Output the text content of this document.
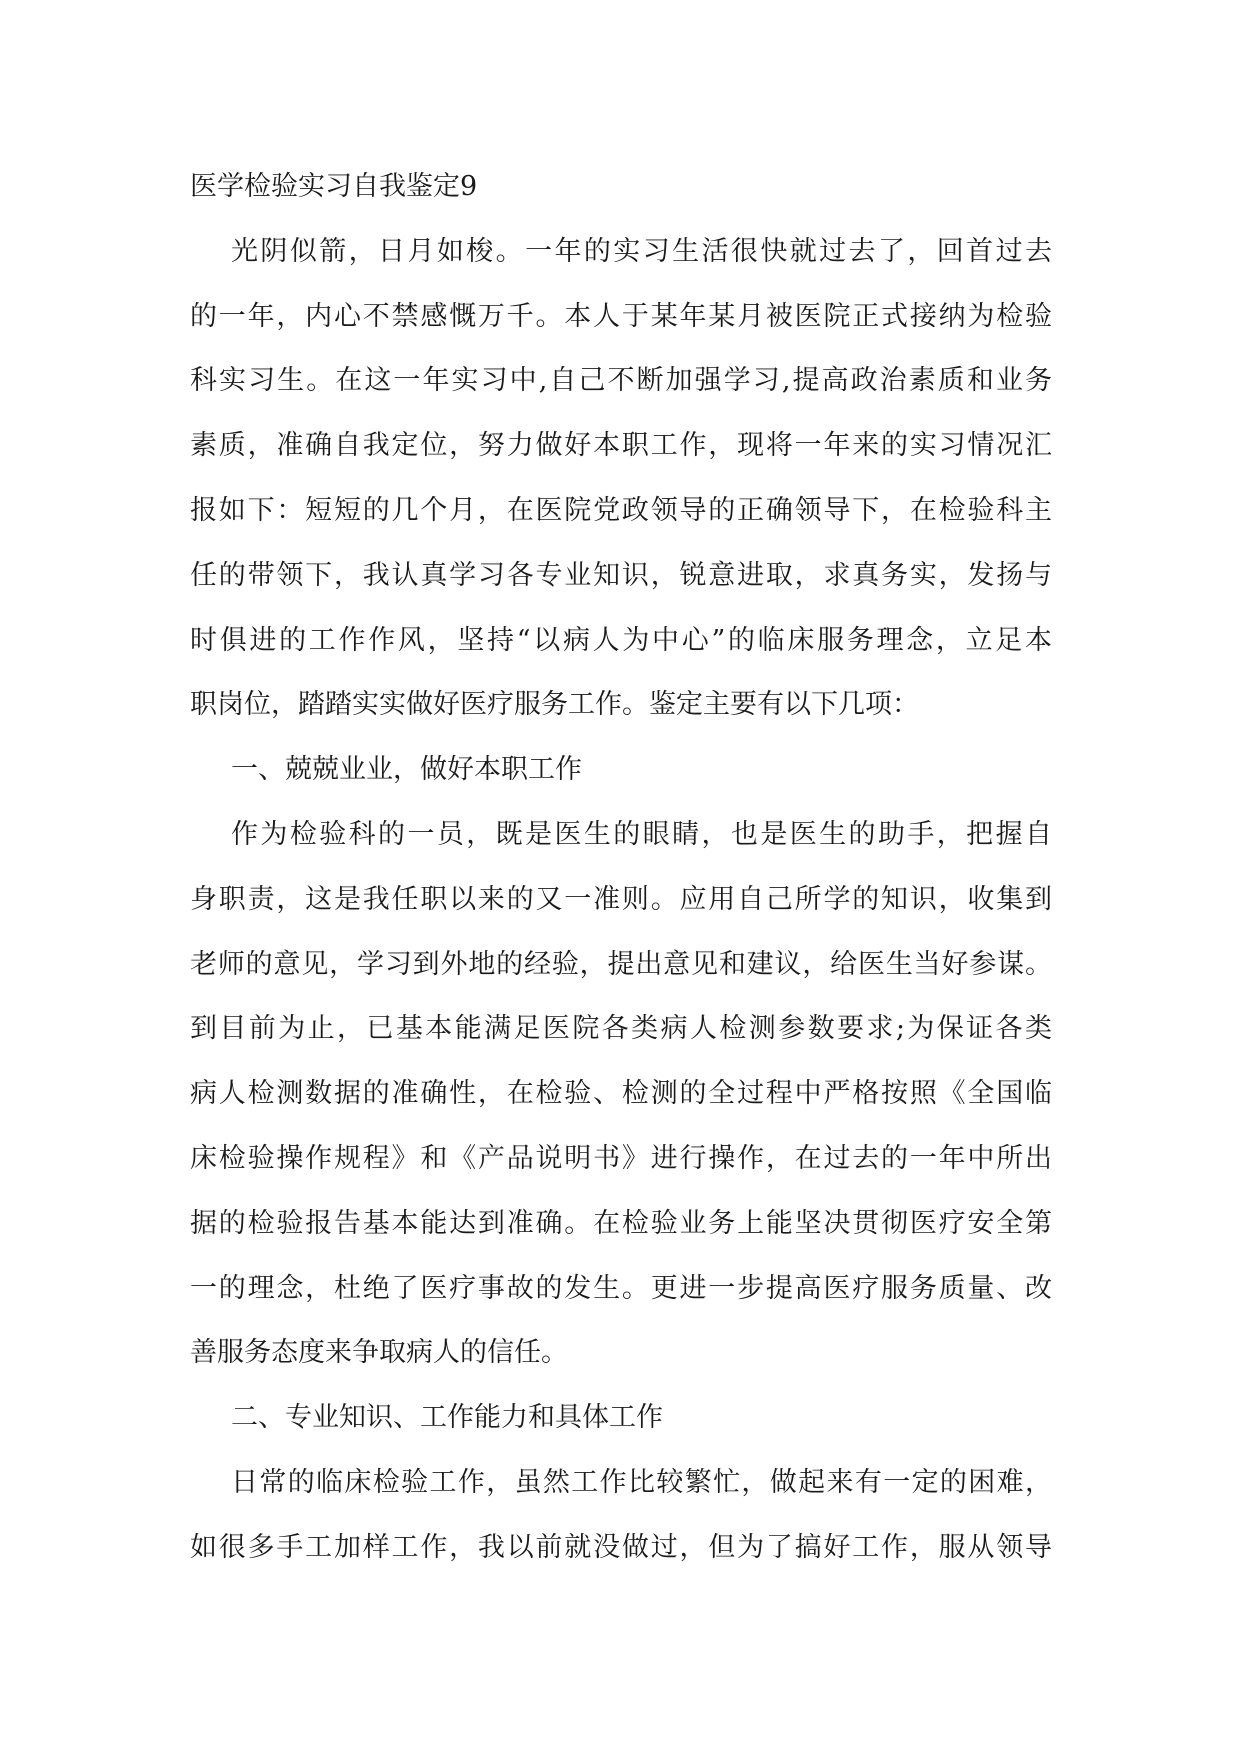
医学检验实习自我鉴定9
光阴似箭，日月如梭。一年的实习生活很快就过去了，回首过去
的一年，内心不禁感慨万千。本人于某年某月被医院正式接纳为检验
科实习生。在这一年实习中,自己不断加强学习,提高政治素质和业务
素质，准确自我定位，努力做好本职工作，现将一年来的实习情况汇
报如下：短短的几个月，在医院党政领导的正确领导下，在检验科主
任的带领下，我认真学习各专业知识，锐意进取，求真务实，发扬与
时俱进的工作作风，坚持“以病人为中心”的临床服务理念，立足本
职岗位，踏踏实实做好医疗服务工作。鉴定主要有以下几项：
一、兢兢业业，做好本职工作
作为检验科的一员，既是医生的眼睛，也是医生的助手，把握自
身职责，这是我任职以来的又一准则。应用自己所学的知识，收集到
老师的意见，学习到外地的经验，提出意见和建议，给医生当好参谋。
到目前为止，已基本能满足医院各类病人检测参数要求;为保证各类
病人检测数据的准确性，在检验、检测的全过程中严格按照《全国临
床检验操作规程》和《产品说明书》进行操作，在过去的一年中所出
据的检验报告基本能达到准确。在检验业务上能坚决贯彻医疗安全第
一的理念，杜绝了医疗事故的发生。更进一步提高医疗服务质量、改
善服务态度来争取病人的信任。
二、专业知识、工作能力和具体工作
日常的临床检验工作，虽然工作比较繁忙，做起来有一定的困难，
如很多手工加样工作，我以前就没做过，但为了搞好工作，服从领导
